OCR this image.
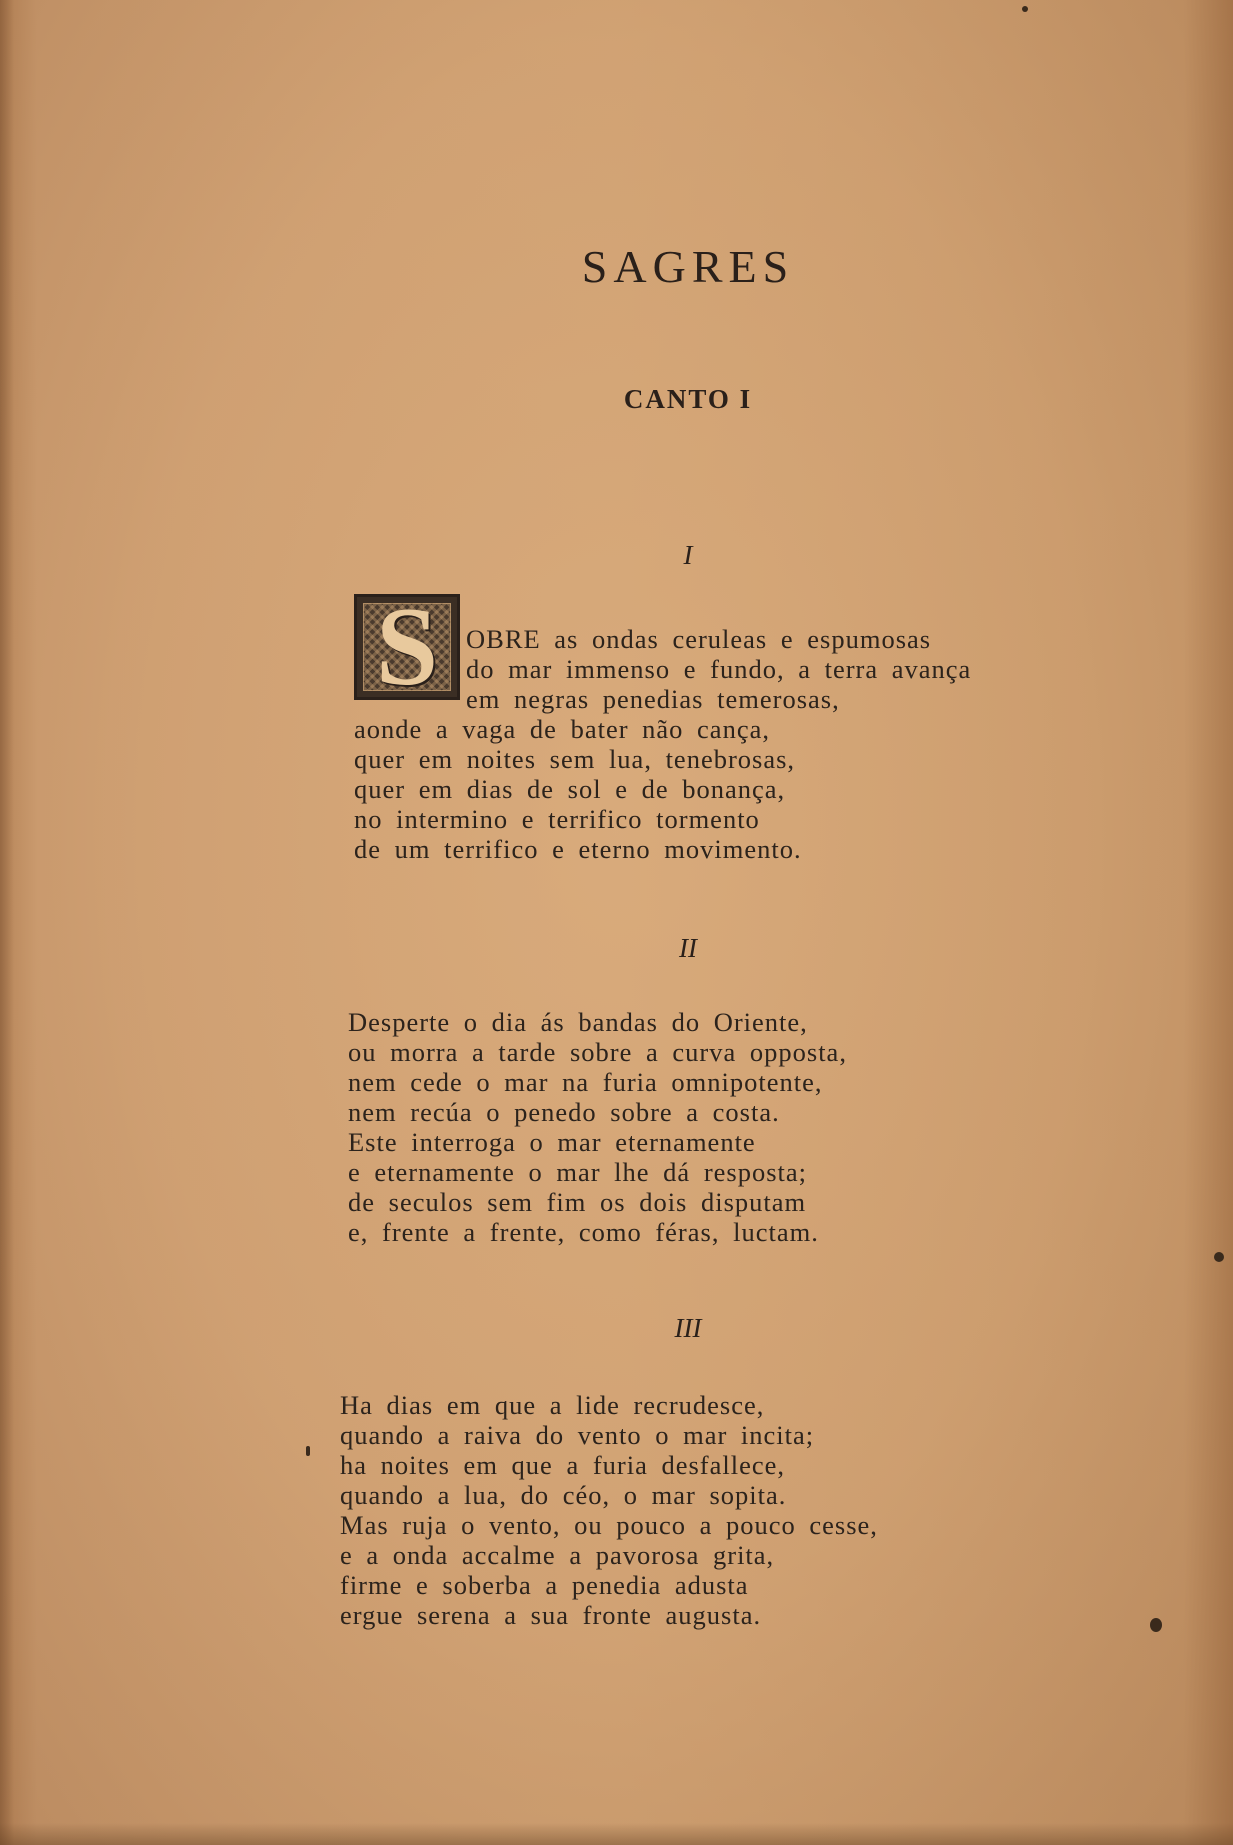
SAGRES
CANTO I
I
S	OBRE as ondas ceruleas e espumosas
do mar immenso e fundo, a terra avança
em negras penedias temerosas,
aonde a vaga de bater não cança,
quer em noites sem lua, tenebrosas,
quer em dias de sol e de bonança,
no intermino e terrifico tormento
de um terrifico e eterno movimento.
II
Desperte o dia ás bandas do Oriente,
ou morra a tarde sobre a curva opposta,
nem cede o mar na furia omnipotente,
nem recúa o penedo sobre a costa.
Este interroga o mar eternamente
e eternamente o mar lhe dá resposta;
de seculos sem fim os dois disputam
e, frente a frente, como féras, luctam.
III
Ha dias em que a lide recrudesce,
quando a raiva do vento o mar incita;
ha noites em que a furia desfallece,
quando a lua, do céo, o mar sopita.
Mas ruja o vento, ou pouco a pouco cesse,
e a onda accalme a pavorosa grita,
firme e soberba a penedia adusta
ergue serena a sua fronte augusta.
